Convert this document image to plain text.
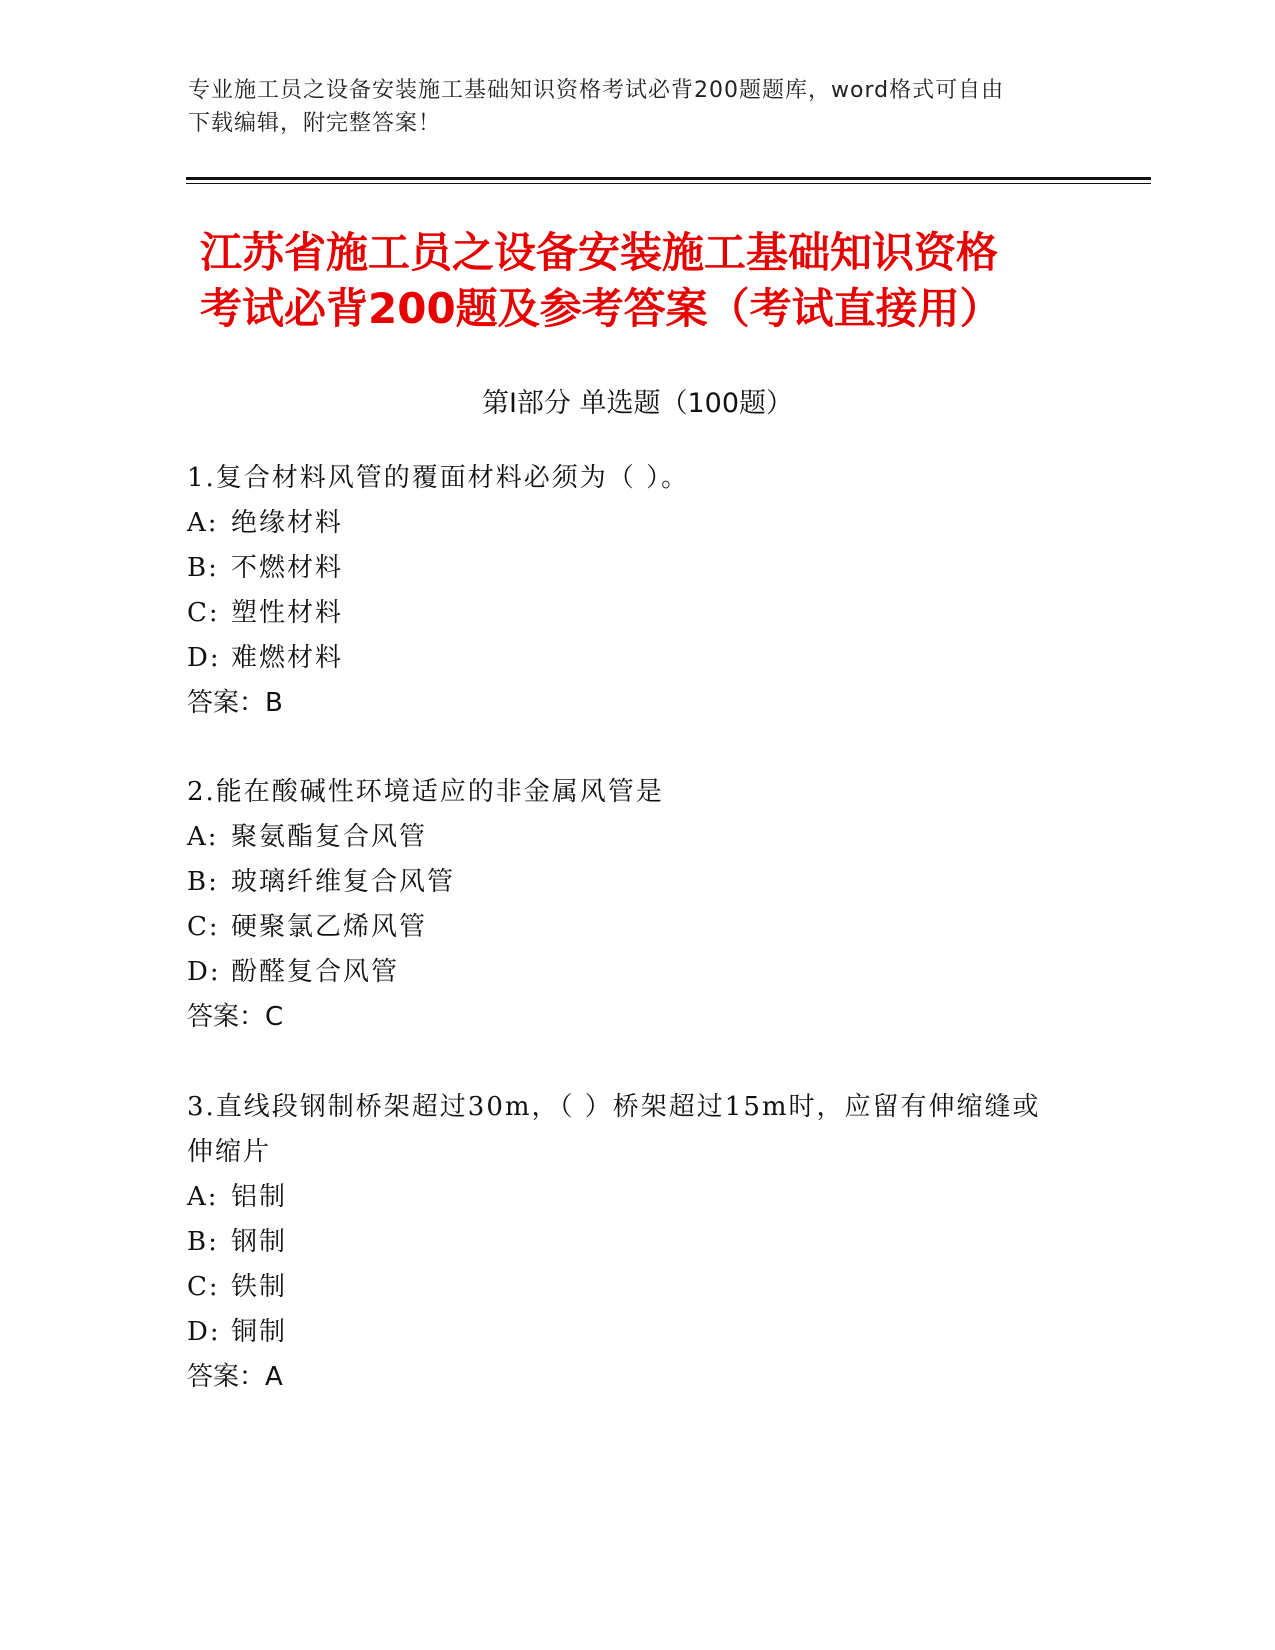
专业施工员之设备安装施工基础知识资格考试必背200题题库，word格式可自由
下载编辑，附完整答案！
江苏省施工员之设备安装施工基础知识资格
考试必背200题及参考答案（考试直接用）
第I部分 单选题（100题）
1.复合材料风管的覆面材料必须为（ ）。
A: 绝缘材料
B: 不燃材料
C: 塑性材料
D: 难燃材料
答案：B
2.能在酸碱性环境适应的非金属风管是
A: 聚氨酯复合风管
B: 玻璃纤维复合风管
C: 硬聚氯乙烯风管
D: 酚醛复合风管
答案：C
3.直线段钢制桥架超过30m，（ ）桥架超过15m时，应留有伸缩缝或伸缩片
A: 铝制
B: 钢制
C: 铁制
D: 铜制
答案：A
